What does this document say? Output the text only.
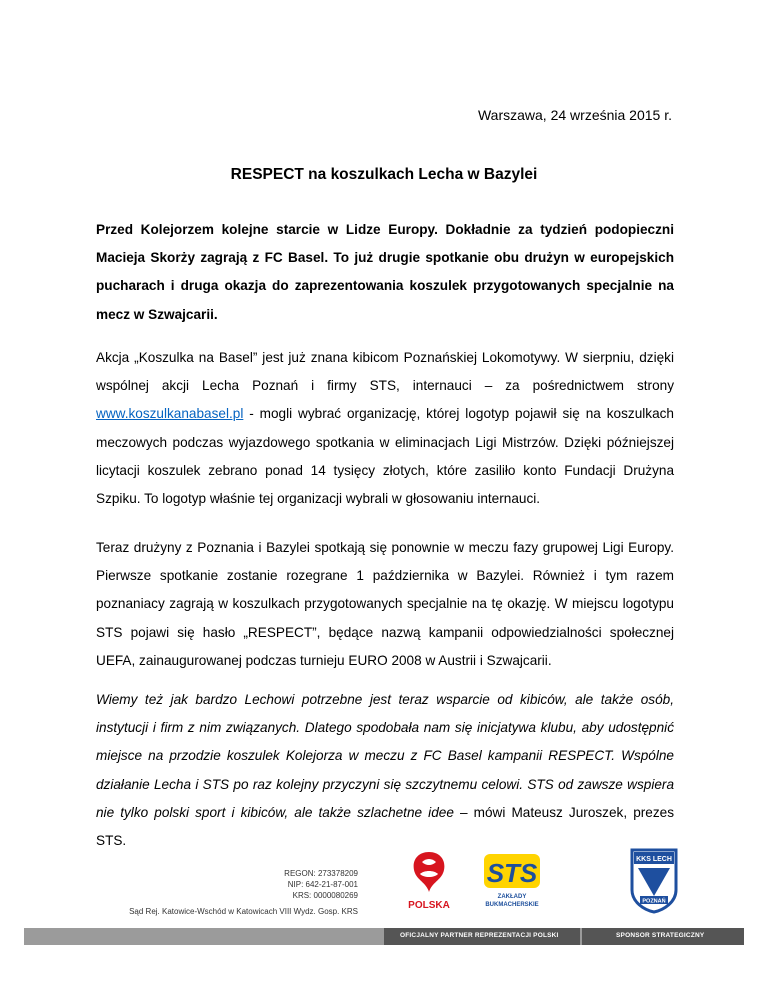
Warszawa, 24 września 2015 r.
RESPECT na koszulkach Lecha w Bazylei

Przed Kolejorzem kolejne starcie w Lidze Europy. Dokładnie za tydzień podopieczni Macieja Skorży zagrają z FC Basel. To już drugie spotkanie obu drużyn w europejskich pucharach i druga okazja do zaprezentowania koszulek przygotowanych specjalnie na mecz w Szwajcarii.

Akcja „Koszulka na Basel” jest już znana kibicom Poznańskiej Lokomotywy. W sierpniu, dzięki wspólnej akcji Lecha Poznań i firmy STS, internauci – za pośrednictwem strony www.koszulkanabasel.pl - mogli wybrać organizację, której logotyp pojawił się na koszulkach meczowych podczas wyjazdowego spotkania w eliminacjach Ligi Mistrzów. Dzięki późniejszej licytacji koszulek zebrano ponad 14 tysięcy złotych, które zasiliło konto Fundacji Drużyna Szpiku. To logotyp właśnie tej organizacji wybrali w głosowaniu internauci.

Teraz drużyny z Poznania i Bazylei spotkają się ponownie w meczu fazy grupowej Ligi Europy. Pierwsze spotkanie zostanie rozegrane 1 października w Bazylei. Również i tym razem poznaniacy zagrają w koszulkach przygotowanych specjalnie na tę okazję. W miejscu logotypu STS pojawi się hasło „RESPECT”, będące nazwą kampanii odpowiedzialności społecznej UEFA, zainaugurowanej podczas turnieju EURO 2008 w Austrii i Szwajcarii.

Wiemy też jak bardzo Lechowi potrzebne jest teraz wsparcie od kibiców, ale także osób, instytucji i firm z nim związanych. Dlatego spodobała nam się inicjatywa klubu, aby udostępnić miejsce na przodzie koszulek Kolejorza w meczu z FC Basel kampanii RESPECT. Wspólne działanie Lecha i STS po raz kolejny przyczyni się szczytnemu celowi. STS od zawsze wspiera nie tylko polski sport i kibiców, ale także szlachetne idee – mówi Mateusz Juroszek, prezes STS.

REGON: 273378209
NIP: 642-21-87-001
KRS: 0000080269
Sąd Rej. Katowice-Wschód w Katowicach VIII Wydz. Gosp. KRS
POLSKA
STS
ZAKŁADY
BUKMACHERSKIE
KKS LECH
POZNAŃ
OFICJALNY PARTNER REPREZENTACJI POLSKI	SPONSOR STRATEGICZNY
